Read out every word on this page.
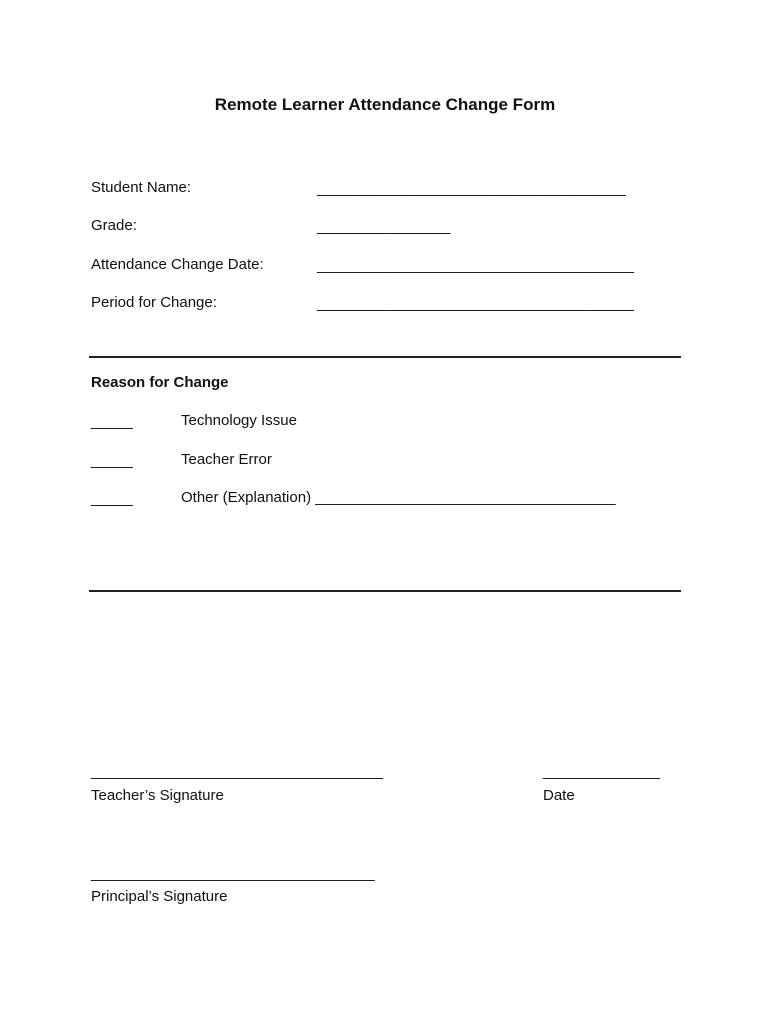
Remote Learner Attendance Change Form
Student Name:	_____________________________________
Grade:	________________
Attendance Change Date:	______________________________________
Period for Change:	______________________________________
Reason for Change
_____	Technology Issue
_____	Teacher Error
_____	Other (Explanation) ____________________________________
___________________________________
Teacher’s Signature
______________
Date
__________________________________
Principal’s Signature
